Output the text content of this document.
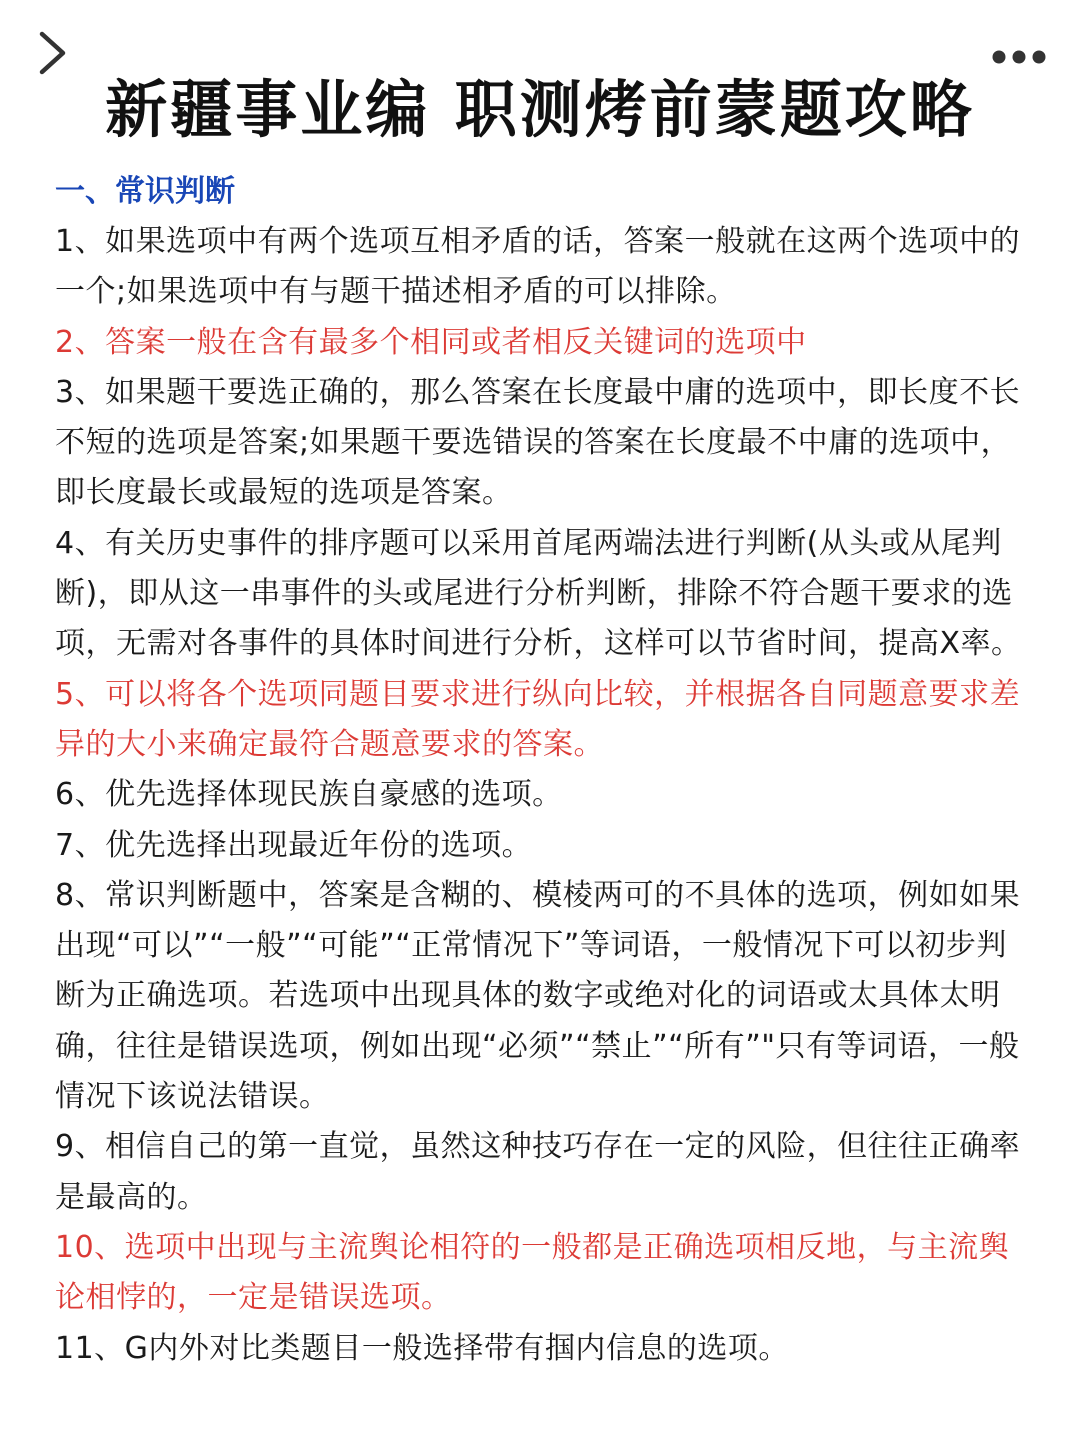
新疆事业编 职测烤前蒙题攻略

一、常识判断

1、如果选项中有两个选项互相矛盾的话，答案一般就在这两个选项中的一个;如果选项中有与题干描述相矛盾的可以排除。

2、答案一般在含有最多个相同或者相反关键词的选项中

3、如果题干要选正确的，那么答案在长度最中庸的选项中，即长度不长不短的选项是答案;如果题干要选错误的答案在长度最不中庸的选项中，即长度最长或最短的选项是答案。

4、有关历史事件的排序题可以采用首尾两端法进行判断(从头或从尾判断)，即从这一串事件的头或尾进行分析判断，排除不符合题干要求的选项，无需对各事件的具体时间进行分析，这样可以节省时间，提高X率。

5、可以将各个选项同题目要求进行纵向比较，并根据各自同题意要求差异的大小来确定最符合题意要求的答案。

6、优先选择体现民族自豪感的选项。

7、优先选择出现最近年份的选项。

8、常识判断题中，答案是含糊的、模棱两可的不具体的选项，例如如果出现“可以”“一般”“可能”“正常情况下”等词语，一般情况下可以初步判断为正确选项。若选项中出现具体的数字或绝对化的词语或太具体太明确，往往是错误选项，例如出现“必须”“禁止”“所有”"只有等词语，一般情况下该说法错误。

9、相信自己的第一直觉，虽然这种技巧存在一定的风险，但往往正确率是最高的。

10、选项中出现与主流舆论相符的一般都是正确选项相反地，与主流舆论相悖的，一定是错误选项。

11、G内外对比类题目一般选择带有掴内信息的选项。
